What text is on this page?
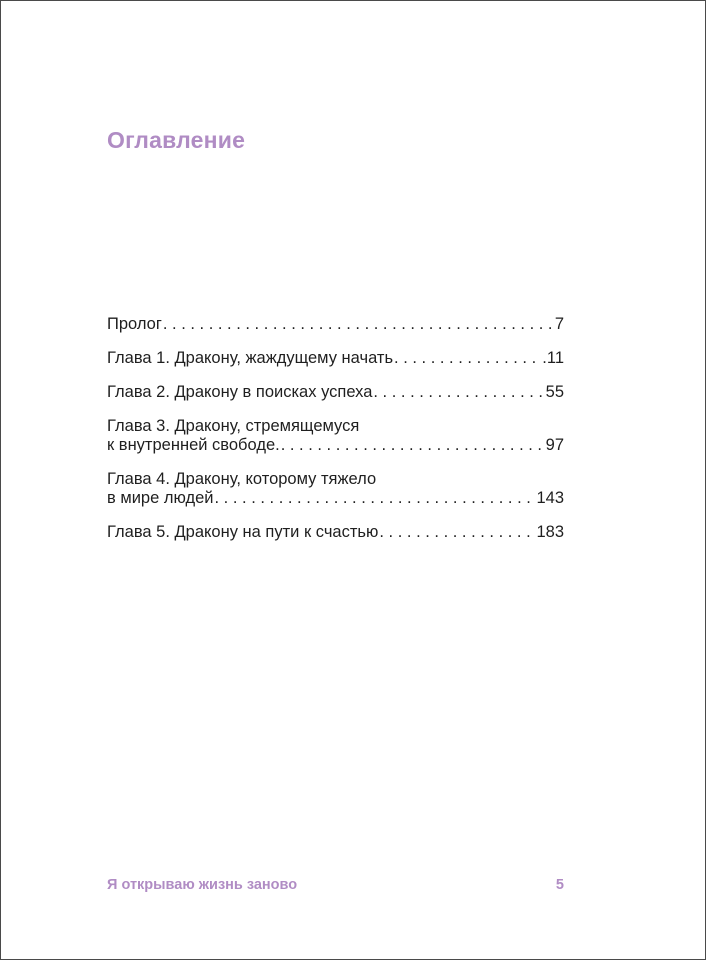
Оглавление
Пролог . . .	7
Глава 1. Дракону, жаждущему начать . . .	.11
Глава 2. Дракону в поисках успеха . . .	55
Глава 3. Дракону, стремящемуся
к внутренней свободе. . . .	97
Глава 4. Дракону, которому тяжело
в мире людей . . .	143
Глава 5. Дракону на пути к счастью . . .	183
Я открываю жизнь заново	5
